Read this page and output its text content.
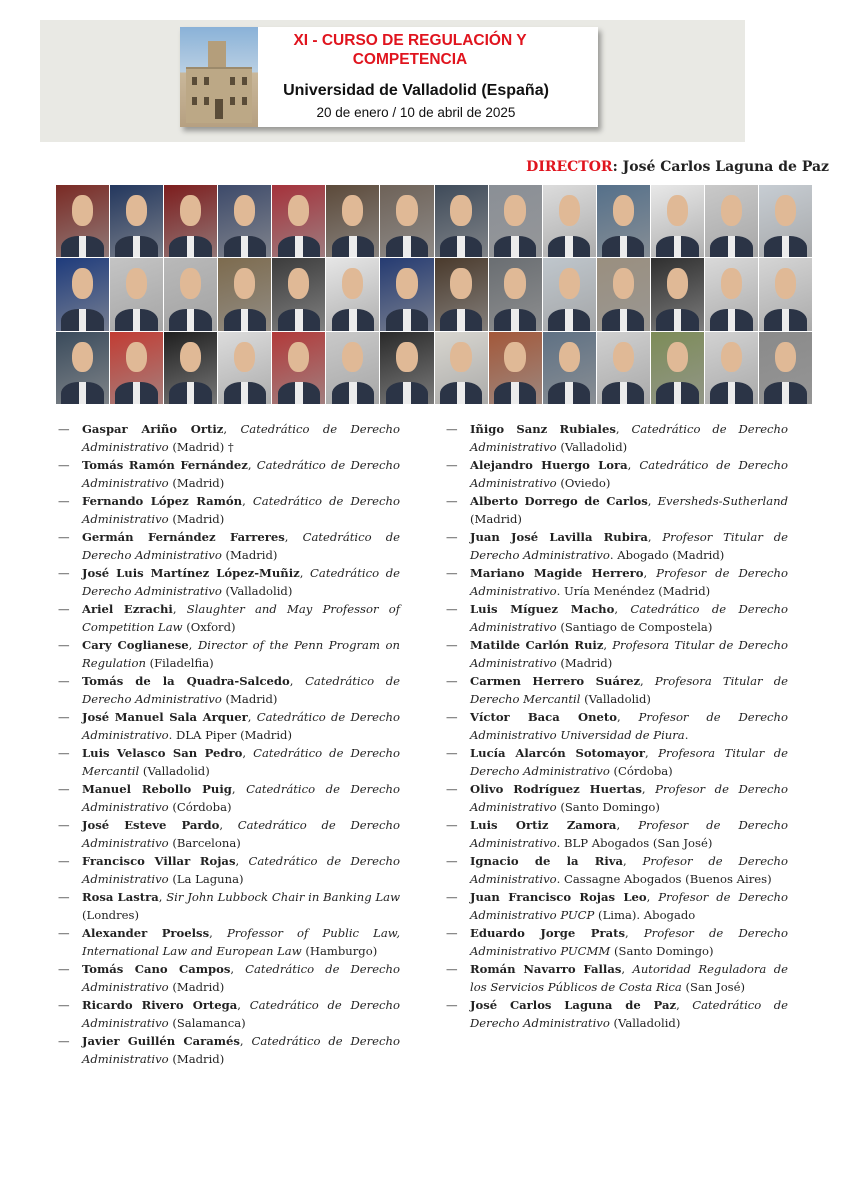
XI - CURSO DE REGULACIÓN Y COMPETENCIA
Universidad de Valladolid (España)
20 de enero / 10 de abril de 2025
DIRECTOR: José Carlos Laguna de Paz

— Gaspar Ariño Ortiz, Catedrático de Derecho Administrativo (Madrid) †

— Tomás Ramón Fernández, Catedrático de Derecho Administrativo (Madrid)

— Fernando López Ramón, Catedrático de Derecho Administrativo (Madrid)

— Germán Fernández Farreres, Catedrático de Derecho Administrativo (Madrid)

— José Luis Martínez López-Muñiz, Catedrático de Derecho Administrativo (Valladolid)

— Ariel Ezrachi, Slaughter and May Professor of Competition Law (Oxford)

— Cary Coglianese, Director of the Penn Program on Regulation (Filadelfia)

— Tomás de la Quadra-Salcedo, Catedrático de Derecho Administrativo (Madrid)

— José Manuel Sala Arquer, Catedrático de Derecho Administrativo. DLA Piper (Madrid)

— Luis Velasco San Pedro, Catedrático de Derecho Mercantil (Valladolid)

— Manuel Rebollo Puig, Catedrático de Derecho Administrativo (Córdoba)

— José Esteve Pardo, Catedrático de Derecho Administrativo (Barcelona)

— Francisco Villar Rojas, Catedrático de Derecho Administrativo (La Laguna)

— Rosa Lastra, Sir John Lubbock Chair in Banking Law (Londres)

— Alexander Proelss, Professor of Public Law, International Law and European Law (Hamburgo)

— Tomás Cano Campos, Catedrático de Derecho Administrativo (Madrid)

— Ricardo Rivero Ortega, Catedrático de Derecho Administrativo (Salamanca)

— Javier Guillén Caramés, Catedrático de Derecho Administrativo (Madrid)

— Iñigo Sanz Rubiales, Catedrático de Derecho Administrativo (Valladolid)

— Alejandro Huergo Lora, Catedrático de Derecho Administrativo (Oviedo)

— Alberto Dorrego de Carlos, Eversheds-Sutherland (Madrid)

— Juan José Lavilla Rubira, Profesor Titular de Derecho Administrativo. Abogado (Madrid)

— Mariano Magide Herrero, Profesor de Derecho Administrativo. Uría Menéndez (Madrid)

— Luis Míguez Macho, Catedrático de Derecho Administrativo (Santiago de Compostela)

— Matilde Carlón Ruiz, Profesora Titular de Derecho Administrativo (Madrid)

— Carmen Herrero Suárez, Profesora Titular de Derecho Mercantil (Valladolid)

— Víctor Baca Oneto, Profesor de Derecho Administrativo Universidad de Piura.

— Lucía Alarcón Sotomayor, Profesora Titular de Derecho Administrativo (Córdoba)

— Olivo Rodríguez Huertas, Profesor de Derecho Administrativo (Santo Domingo)

— Luis Ortiz Zamora, Profesor de Derecho Administrativo. BLP Abogados (San José)

— Ignacio de la Riva, Profesor de Derecho Administrativo. Cassagne Abogados (Buenos Aires)

— Juan Francisco Rojas Leo, Profesor de Derecho Administrativo PUCP (Lima). Abogado

— Eduardo Jorge Prats, Profesor de Derecho Administrativo PUCMM (Santo Domingo)

— Román Navarro Fallas, Autoridad Reguladora de los Servicios Públicos de Costa Rica (San José)

— José Carlos Laguna de Paz, Catedrático de Derecho Administrativo (Valladolid)
